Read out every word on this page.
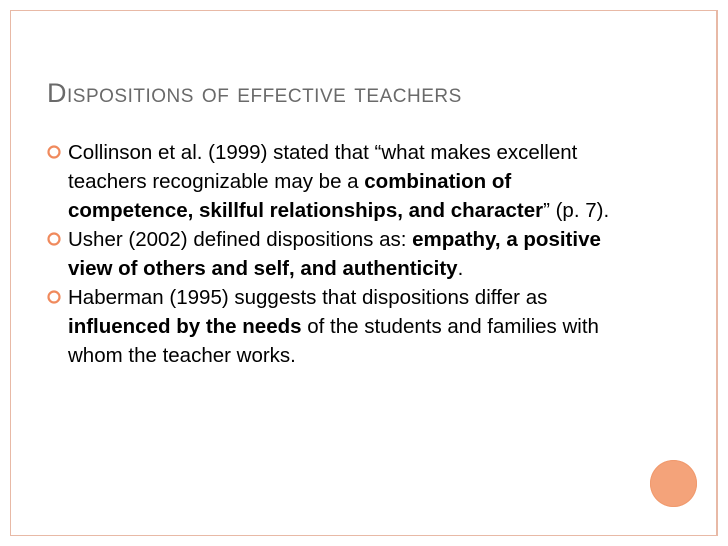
Dispositions of effective teachers
Collinson et al. (1999) stated that “what makes excellent teachers recognizable may be a combination of competence, skillful relationships, and character” (p. 7).
Usher (2002) defined dispositions as: empathy, a positive view of others and self, and authenticity.
Haberman (1995) suggests that dispositions differ as influenced by the needs of the students and families with whom the teacher works.
